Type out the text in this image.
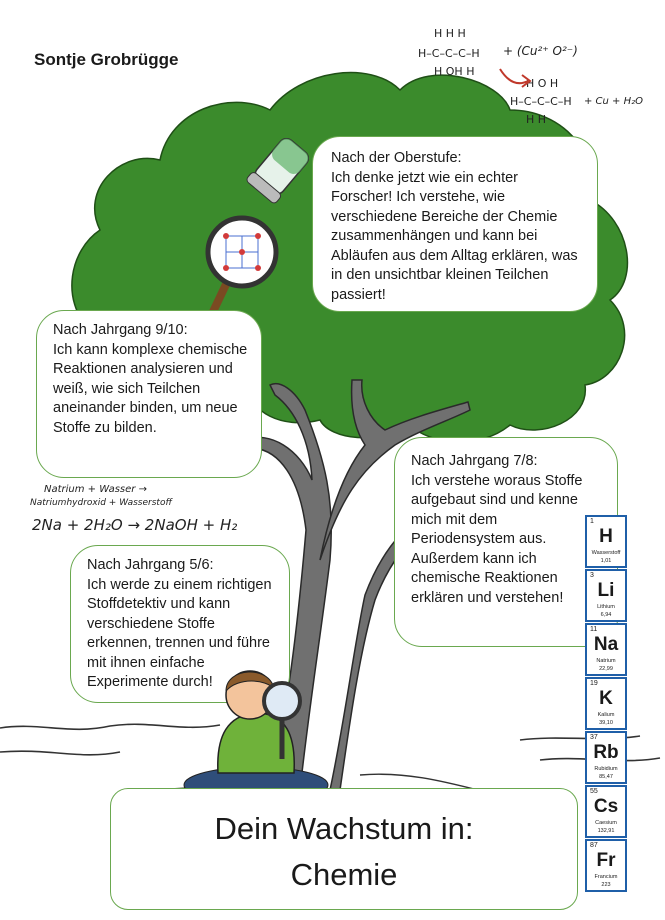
H–C–C–C–H
H H H
H OH H
H–C–C–C–H
H O H
H H
+ (Cu²⁺ O²⁻)
+ Cu + H₂O
Sontje Grobrügge
Nach der Oberstufe:
Ich denke jetzt wie ein echter Forscher! Ich verstehe, wie verschiedene Bereiche der Chemie zusammenhängen und kann bei Abläufen aus dem Alltag erklären, was in den unsichtbar kleinen Teilchen passiert!
Nach Jahrgang 9/10:
Ich kann komplexe chemische Reaktionen analysieren und weiß, wie sich Teilchen aneinander binden, um neue Stoffe zu bilden.
Nach Jahrgang 7/8:
Ich verstehe woraus Stoffe aufgebaut sind und kenne mich mit dem Periodensystem aus. Außerdem kann ich chemische Reaktionen erklären und verstehen!
Nach Jahrgang 5/6:
Ich werde zu einem richtigen Stoffdetektiv und kann verschiedene Stoffe erkennen, trennen und führe mit ihnen einfache Experimente durch!
Natrium + Wasser →
Natriumhydroxid + Wasserstoff
2Na + 2H₂O → 2NaOH + H₂
Dein Wachstum in:
Chemie
1
H
Wasserstoff
1,01
3
Li
Lithium
6,94
11
Na
Natrium
22,99
19
K
Kalium
39,10
37
Rb
Rubidium
85,47
55
Cs
Caesium
132,91
87
Fr
Francium
223
